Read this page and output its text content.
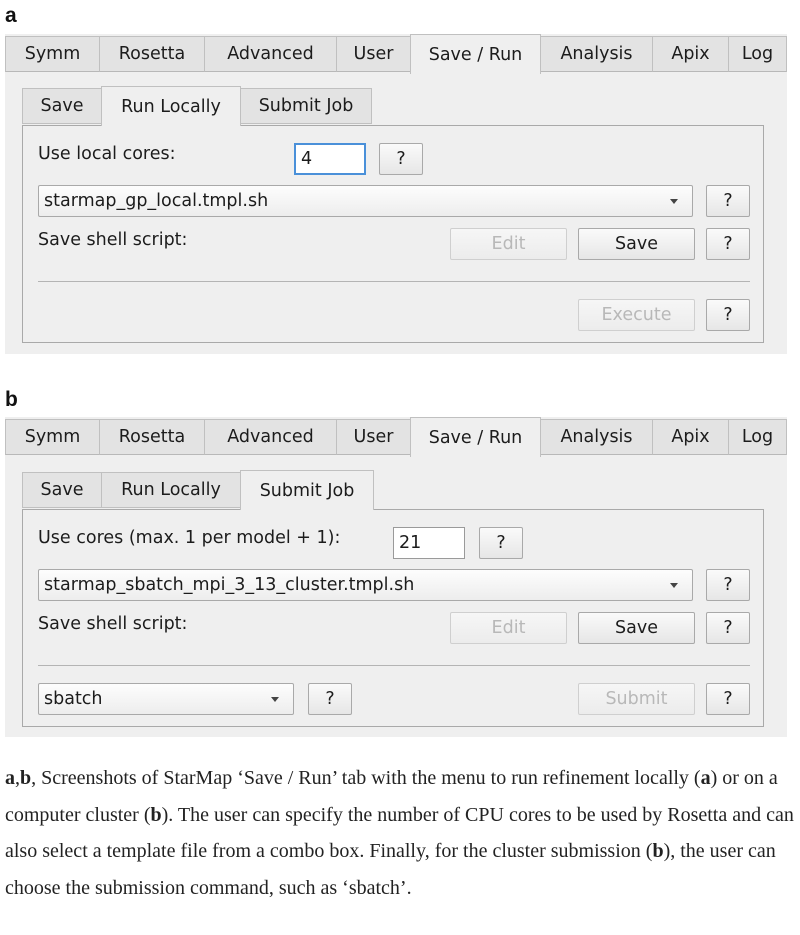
a
Symm	Rosetta	Advanced	User	Save / Run	Analysis	Apix	Log
Save	Run Locally	Submit Job
Use local cores:	4	?
starmap_gp_local.tmpl.sh	?
Save shell script:	Edit	Save	?
Execute	?
b
Symm	Rosetta	Advanced	User	Save / Run	Analysis	Apix	Log
Save	Run Locally	Submit Job
Use cores (max. 1 per model + 1):	21	?
starmap_sbatch_mpi_3_13_cluster.tmpl.sh	?
Save shell script:	Edit	Save	?
sbatch	?	Submit	?
a,b, Screenshots of StarMap ‘Save / Run’ tab with the menu to run refinement locally (a) or on a computer cluster (b). The user can specify the number of CPU cores to be used by Rosetta and can also select a template file from a combo box. Finally, for the cluster submission (b), the user can choose the submission command, such as ‘sbatch’.
